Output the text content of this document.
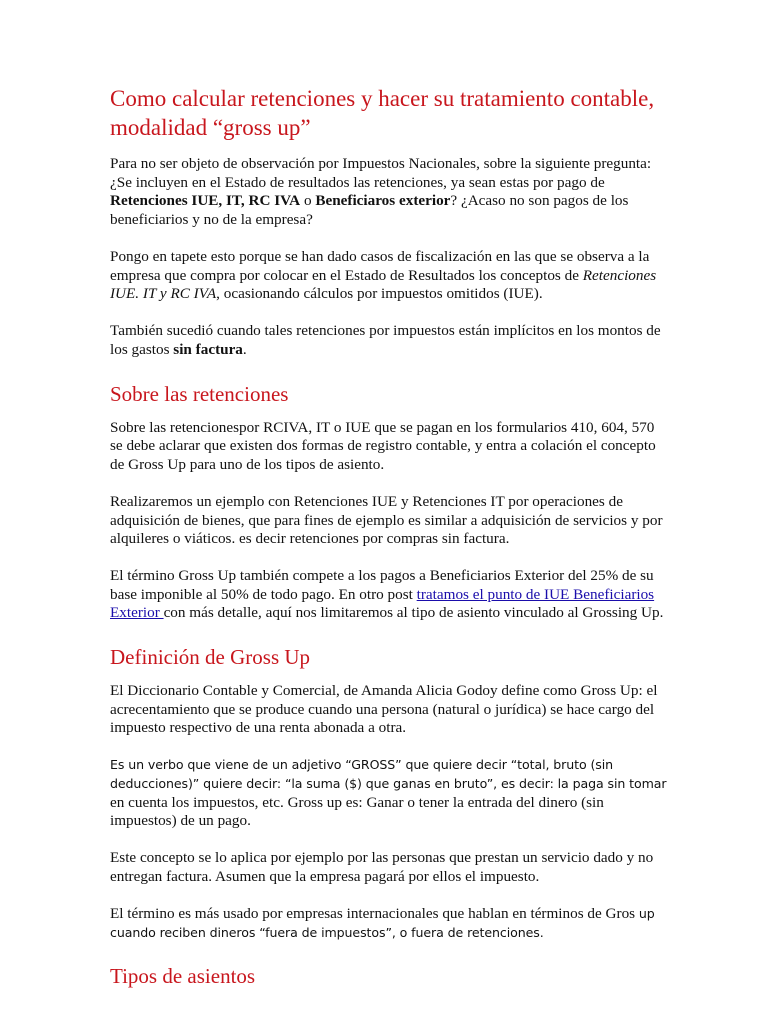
Como calcular retenciones y hacer su tratamiento contable, modalidad “gross up”

Para no ser objeto de observación por Impuestos Nacionales, sobre la siguiente pregunta: ¿Se incluyen en el Estado de resultados las retenciones, ya sean estas por pago de Retenciones IUE, IT, RC IVA o Beneficiaros exterior? ¿Acaso no son pagos de los beneficiarios y no de la empresa?

Pongo en tapete esto porque se han dado casos de fiscalización en las que se observa a la empresa que compra por colocar en el Estado de Resultados los conceptos de Retenciones IUE. IT y RC IVA, ocasionando cálculos por impuestos omitidos (IUE).

También sucedió cuando tales retenciones por impuestos están implícitos en los montos de los gastos sin factura.

Sobre las retenciones

Sobre las retencionespor RCIVA, IT o IUE que se pagan en los formularios 410, 604, 570 se debe aclarar que existen dos formas de registro contable, y entra a colación el concepto de Gross Up para uno de los tipos de asiento.

Realizaremos un ejemplo con Retenciones IUE y Retenciones IT por operaciones de adquisición de bienes, que para fines de ejemplo es similar a adquisición de servicios y por alquileres o viáticos. es decir retenciones por compras sin factura.

El término Gross Up también compete a los pagos a Beneficiarios Exterior del 25% de su base imponible al 50% de todo pago. En otro post tratamos el punto de IUE Beneficiarios Exterior con más detalle, aquí nos limitaremos al tipo de asiento vinculado al Grossing Up.

Definición de Gross Up

El Diccionario Contable y Comercial, de Amanda Alicia Godoy define como Gross Up: el acrecentamiento que se produce cuando una persona (natural o jurídica) se hace cargo del impuesto respectivo de una renta abonada a otra.

Es un verbo que viene de un adjetivo “GROSS” que quiere decir “total, bruto (sin deducciones)” quiere decir: “la suma ($) que ganas en bruto”, es decir: la paga sin tomar en cuenta los impuestos, etc. Gross up es: Ganar o tener la entrada del dinero (sin impuestos) de un pago.

Este concepto se lo aplica por ejemplo por las personas que prestan un servicio dado y no entregan factura. Asumen que la empresa pagará por ellos el impuesto.

El término es más usado por empresas internacionales que hablan en términos de Gros up cuando reciben dineros “fuera de impuestos”, o fuera de retenciones.

Tipos de asientos
